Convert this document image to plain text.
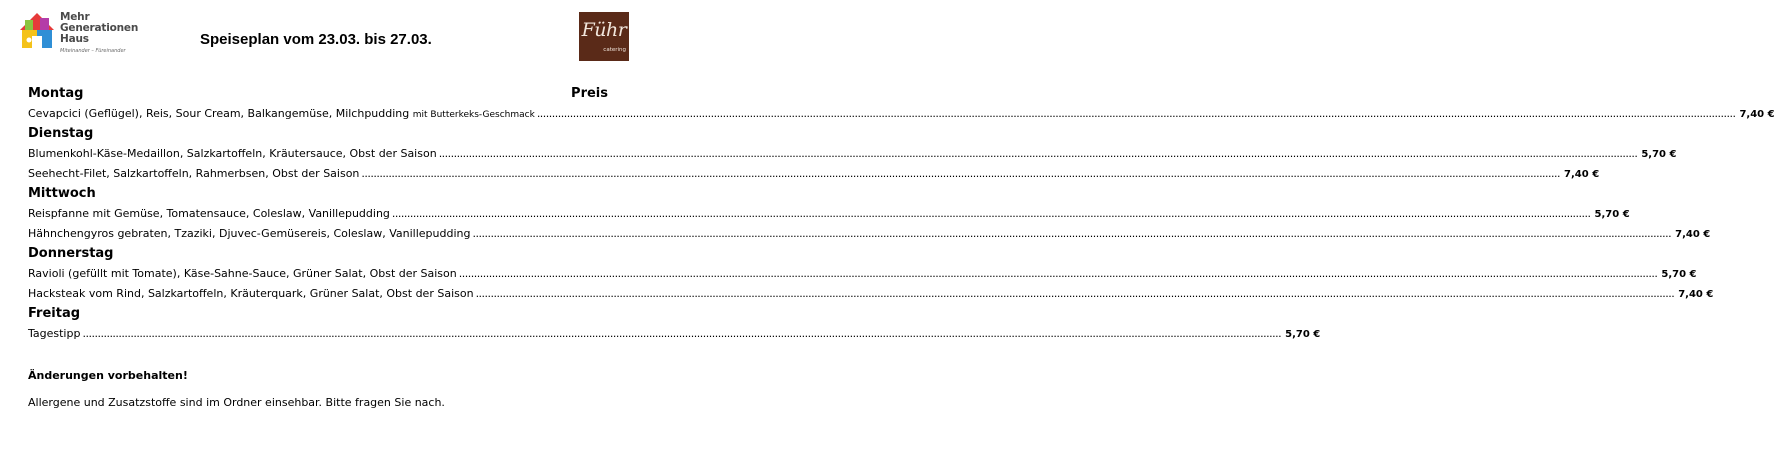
Mehr
Generationen
Haus
Miteinander – Füreinander
Speiseplan vom 23.03. bis 27.03.	Führ
catering
Montag	Preis
Cevapcici (Geflügel), Reis, Sour Cream, Balkangemüse, Milchpudding mit Butterkeks-Geschmack ................................................................................................................................................................................................................................................................................................................................................................................................................ 7,40 €
Dienstag
Blumenkohl-Käse-Medaillon, Salzkartoffeln, Kräutersauce, Obst der Saison ................................................................................................................................................................................................................................................................................................................................................................................................................ 5,70 €
Seehecht-Filet, Salzkartoffeln, Rahmerbsen, Obst der Saison ................................................................................................................................................................................................................................................................................................................................................................................................................ 7,40 €
Mittwoch
Reispfanne mit Gemüse, Tomatensauce, Coleslaw, Vanillepudding ................................................................................................................................................................................................................................................................................................................................................................................................................ 5,70 €
Hähnchengyros gebraten, Tzaziki, Djuvec-Gemüsereis, Coleslaw, Vanillepudding ................................................................................................................................................................................................................................................................................................................................................................................................................ 7,40 €
Donnerstag
Ravioli (gefüllt mit Tomate), Käse-Sahne-Sauce, Grüner Salat, Obst der Saison ................................................................................................................................................................................................................................................................................................................................................................................................................ 5,70 €
Hacksteak vom Rind, Salzkartoffeln, Kräuterquark, Grüner Salat, Obst der Saison ................................................................................................................................................................................................................................................................................................................................................................................................................ 7,40 €
Freitag
Tagestipp ................................................................................................................................................................................................................................................................................................................................................................................................................ 5,70 €
Änderungen vorbehalten!
Allergene und Zusatzstoffe sind im Ordner einsehbar. Bitte fragen Sie nach.
